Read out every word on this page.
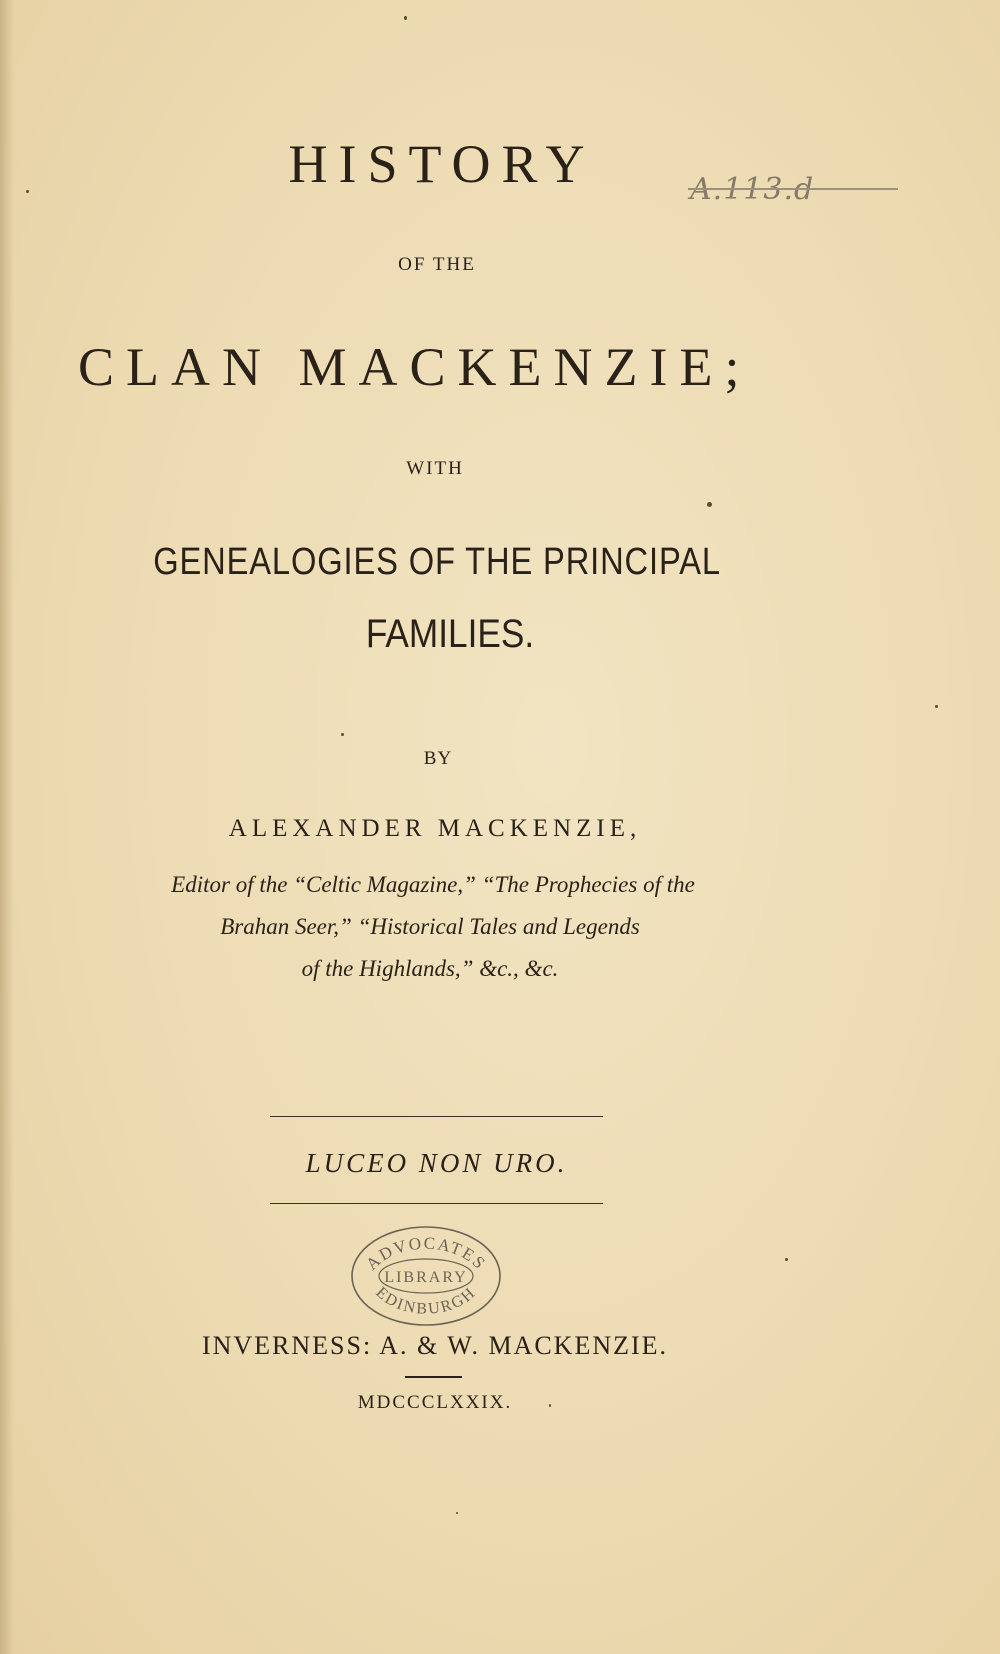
HISTORY	A.113.d
OF THE
CLAN MACKENZIE;
WITH
GENEALOGIES OF THE PRINCIPAL
FAMILIES.
BY
ALEXANDER MACKENZIE,
Editor of the “Celtic Magazine,” “The Prophecies of the
Brahan Seer,” “Historical Tales and Legends
of the Highlands,” &c., &c.
LUCEO NON URO.
ADVOCATES
LIBRARY
EDINBURGH
INVERNESS: A. & W. MACKENZIE.
MDCCCLXXIX.
